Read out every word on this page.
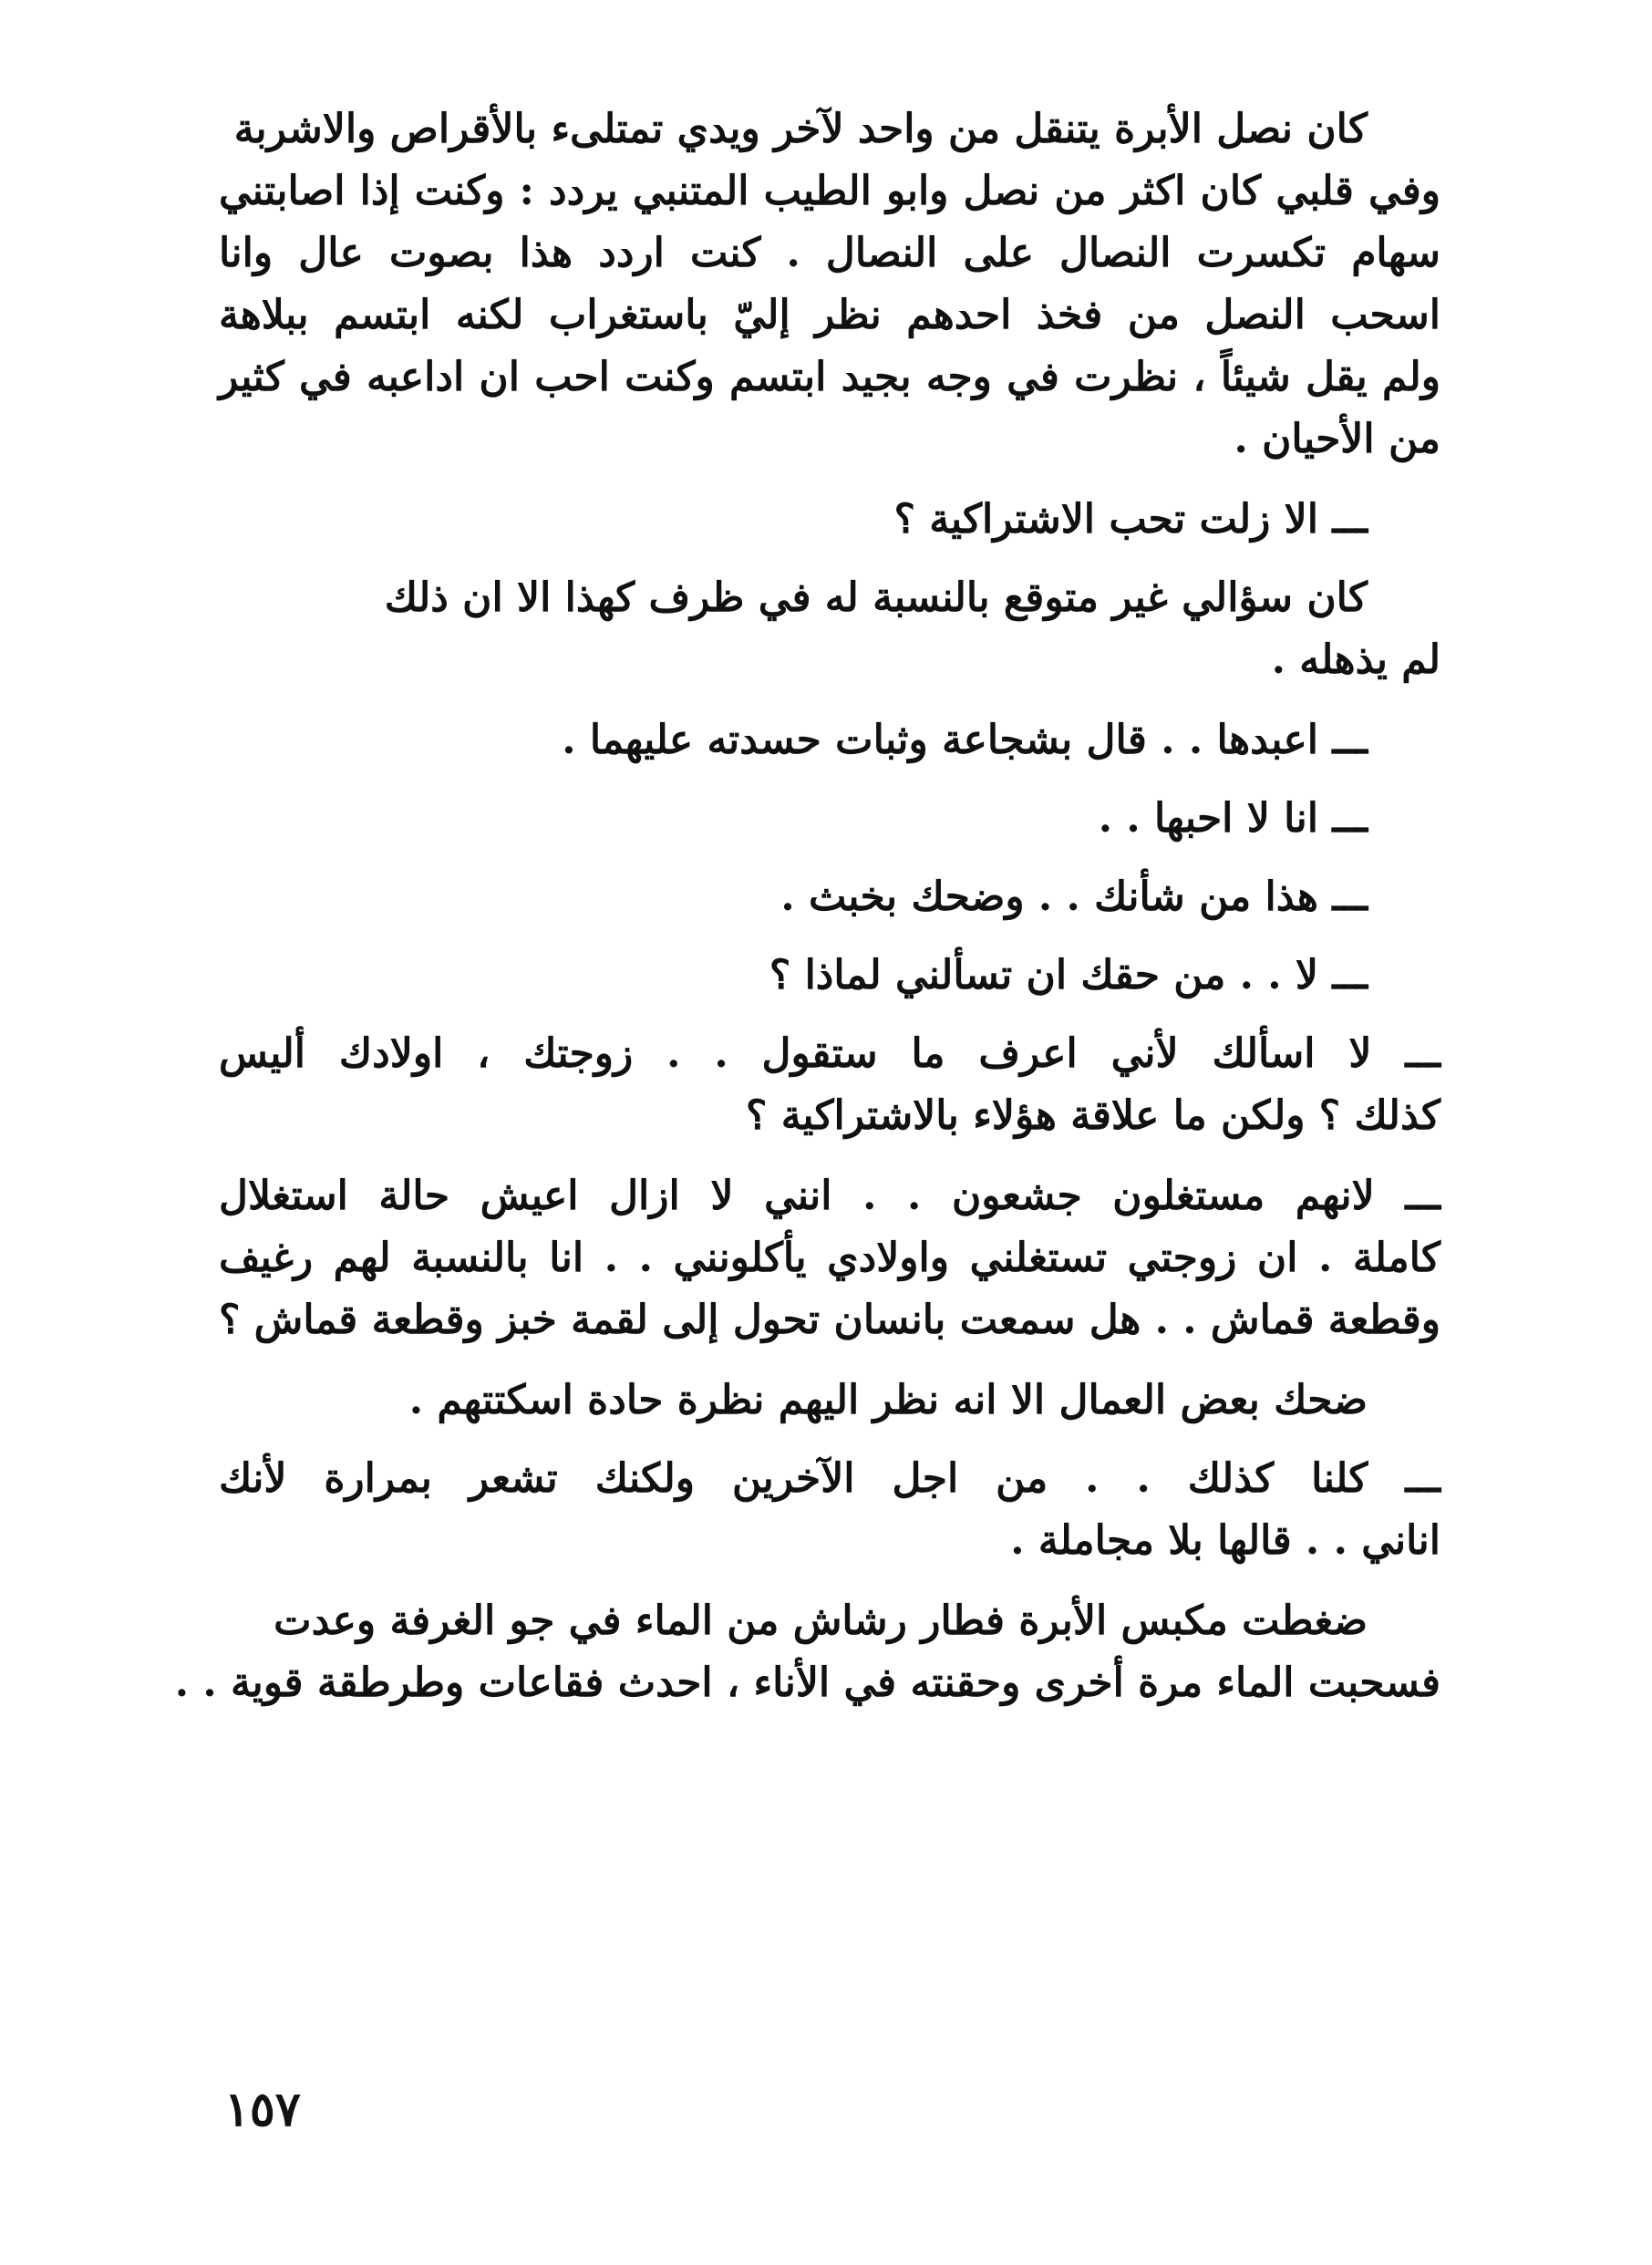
كان نصل الأبرة يتنقل من واحد لآخر ويدي تمتلىء بالأقراص والاشربة
وفي قلبي كان اكثر من نصل وابو الطيب المتنبي يردد : وكنت إذا اصابتني
سهام تكسرت النصال على النصال . كنت اردد هذا بصوت عال وانا
اسحب النصل من فخذ احدهم نظر إليّ باستغراب لكنه ابتسم ببلاهة
ولم يقل شيئاً ، نظرت في وجه بجيد ابتسم وكنت احب ان اداعبه في كثير
من الأحيان .
ـــ الا زلت تحب الاشتراكية ؟
كان سؤالي غير متوقع بالنسبة له في ظرف كهذا الا ان ذلك
لم يذهله .
ـــ اعبدها . . قال بشجاعة وثبات حسدته عليهما .
ـــ انا لا احبها . .
ـــ هذا من شأنك . . وضحك بخبث .
ـــ لا . . من حقك ان تسألني لماذا ؟
ـــ لا اسألك لأني اعرف ما ستقول . . زوجتك ، اولادك أليس
كذلك ؟ ولكن ما علاقة هؤلاء بالاشتراكية ؟
ـــ لانهم مستغلون جشعون . . انني لا ازال اعيش حالة استغلال
كاملة . ان زوجتي تستغلني واولادي يأكلونني . . انا بالنسبة لهم رغيف
وقطعة قماش . . هل سمعت بانسان تحول إلى لقمة خبز وقطعة قماش ؟
ضحك بعض العمال الا انه نظر اليهم نظرة حادة اسكتتهم .
ـــ كلنا كذلك . . من اجل الآخرين ولكنك تشعر بمرارة لأنك
اناني . . قالها بلا مجاملة .
ضغطت مكبس الأبرة فطار رشاش من الماء في جو الغرفة وعدت
فسحبت الماء مرة أخرى وحقنته في الأناء ، احدث فقاعات وطرطقة قوية . .
١٥٧
